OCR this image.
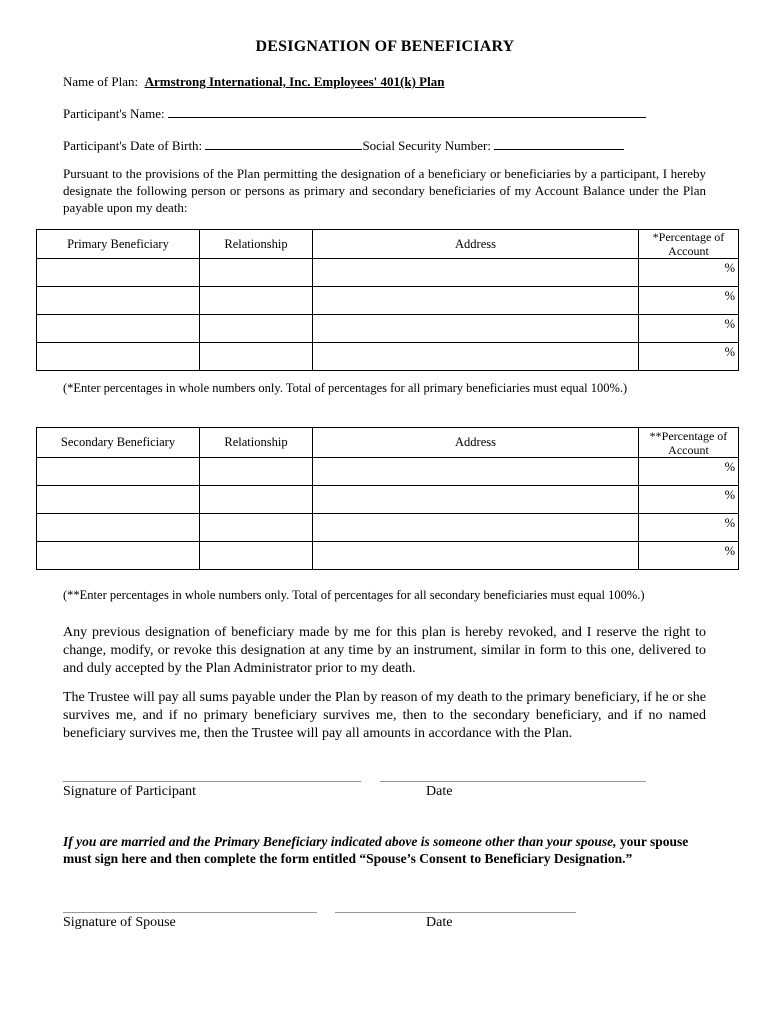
DESIGNATION OF BENEFICIARY
Name of Plan: Armstrong International, Inc. Employees' 401(k) Plan
Participant's Name:
Participant's Date of Birth:	Social Security Number:
Pursuant to the provisions of the Plan permitting the designation of a beneficiary or beneficiaries by a participant, I hereby designate the following person or persons as primary and secondary beneficiaries of my Account Balance under the Plan payable upon my death:
Primary Beneficiary	Relationship	Address	*Percentage of
Account

			%
			%
			%
			%
(*Enter percentages in whole numbers only. Total of percentages for all primary beneficiaries must equal 100%.)
Secondary Beneficiary	Relationship	Address	**Percentage of
Account

			%
			%
			%
			%
(**Enter percentages in whole numbers only. Total of percentages for all secondary beneficiaries must equal 100%.)
Any previous designation of beneficiary made by me for this plan is hereby revoked, and I reserve the right to change, modify, or revoke this designation at any time by an instrument, similar in form to this one, delivered to and duly accepted by the Plan Administrator prior to my death.
The Trustee will pay all sums payable under the Plan by reason of my death to the primary beneficiary, if he or she survives me, and if no primary beneficiary survives me, then to the secondary beneficiary, and if no named beneficiary survives me, then the Trustee will pay all amounts in accordance with the Plan.
Signature of Participant	Date
If you are married and the Primary Beneficiary indicated above is someone other than your spouse, your spouse must sign here and then complete the form entitled “Spouse’s Consent to Beneficiary Designation.”
Signature of Spouse	Date
